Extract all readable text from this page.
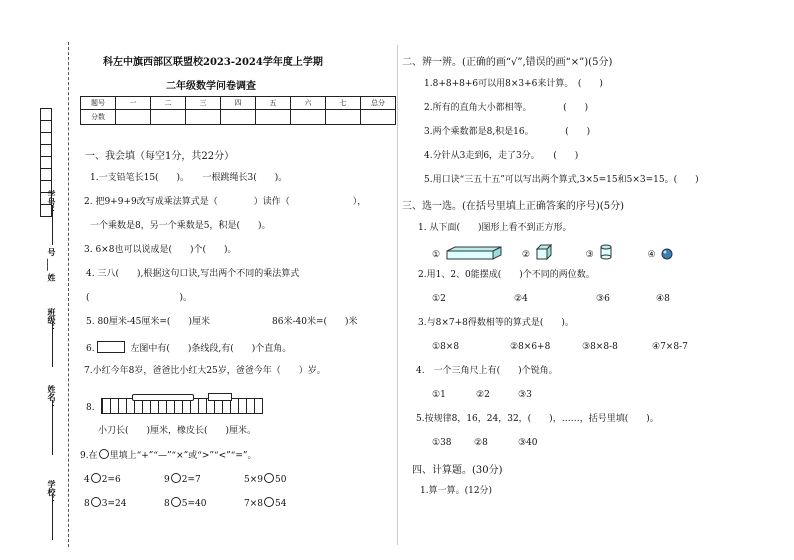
学号：
号 ___ 姓
班级：
姓名：
学校：
科左中旗西部区联盟校2023-2024学年度上学期
二年级数学问卷调查
题号	一	二	三	四	五	六	七	总分
分数								
一、我会填（每空1分，共22分）
1.一支铅笔长15(　　)。　　一根跳绳长3(　　)。
2. 把9+9+9改写成乘法算式是（　　　　）读作（　　　　　　　），
一个乘数是8，另一个乘数是5，积是(　　)。
3. 6×8也可以说成是(　　)个(　　)。
4. 三八(　　),根据这句口诀,写出两个不同的乘法算式
(　　　　　　　　　　)。
5. 80厘米-45厘米=(　　)厘米	86米-40米=(　　)米
6.	左图中有(　　)条线段,有(　　)个直角。
7.小红今年8岁，爸爸比小红大25岁，爸爸今年（　　）岁。
8.
小刀长(　　)厘米，橡皮长(　　)厘米。
9.在 里填上“+”“—”“×”或“>”“<”“=”。
4 2=6	9 2=7	5×9 50
8 3=24	8 5=40	7×8 54
二、辨一辨。(正确的画“√”,错误的画“×”)(5分)
1.8+8+8+6可以用8×3+6来计算。　(　　)
2.所有的直角大小都相等。　　　　(　　)
3.两个乘数都是8,积是16。　　　　(　　)
4.分针从3走到6，走了3分。　　(　　)
5.用口诀“三五十五”可以写出两个算式,3×5=15和5×3=15。(　　)
三、选一选。(在括号里填上正确答案的序号)(5分)
1. 从下面(　　)图形上看不到正方形。
①	②	③	④
2.用1、2、0能摆成(　　)个不同的两位数。
①2	②4	③6	④8
3.与8×7+8得数相等的算式是(　　)。
①8×8	②8×6+8	③8×8-8	④7×8-7
4.　一个三角尺上有(　　)个锐角。
①1	②2	③3
5.按规律8，16，24，32，(　　)，……，括号里填(　　)。
①38 ②8	③40
四、计算题。(30分)
1.算一算。(12分)
